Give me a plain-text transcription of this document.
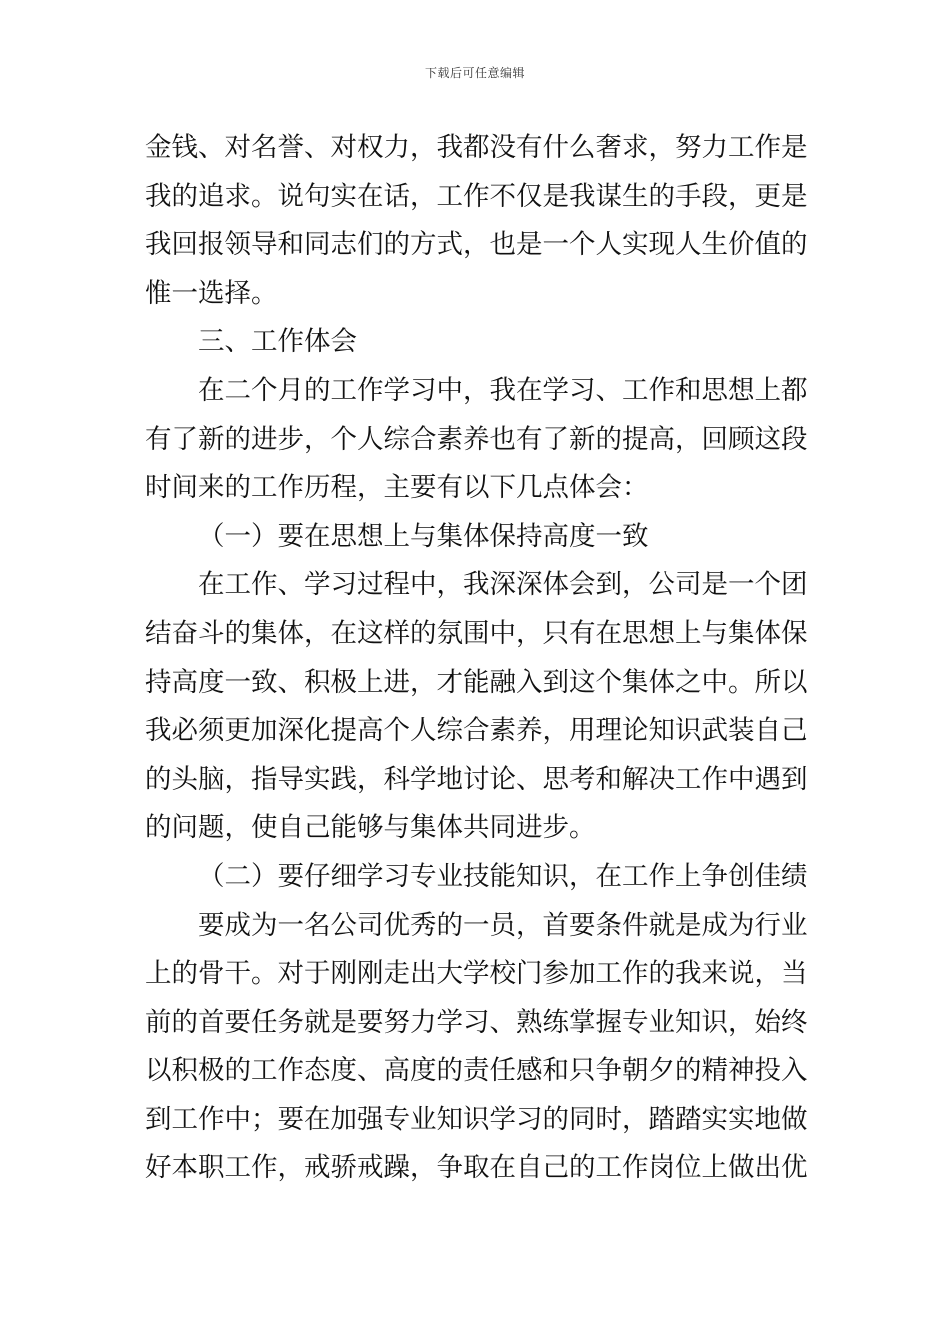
下载后可任意编辑
金钱、对名誉、对权力，我都没有什么奢求，努力工作是
我的追求。说句实在话，工作不仅是我谋生的手段，更是
我回报领导和同志们的方式，也是一个人实现人生价值的
惟一选择。
三、工作体会
在二个月的工作学习中，我在学习、工作和思想上都
有了新的进步，个人综合素养也有了新的提高，回顾这段
时间来的工作历程，主要有以下几点体会：
（一）要在思想上与集体保持高度一致
在工作、学习过程中，我深深体会到，公司是一个团
结奋斗的集体，在这样的氛围中，只有在思想上与集体保
持高度一致、积极上进，才能融入到这个集体之中。所以
我必须更加深化提高个人综合素养，用理论知识武装自己
的头脑，指导实践，科学地讨论、思考和解决工作中遇到
的问题，使自己能够与集体共同进步。
（二）要仔细学习专业技能知识，在工作上争创佳绩
要成为一名公司优秀的一员，首要条件就是成为行业
上的骨干。对于刚刚走出大学校门参加工作的我来说，当
前的首要任务就是要努力学习、熟练掌握专业知识，始终
以积极的工作态度、高度的责任感和只争朝夕的精神投入
到工作中；要在加强专业知识学习的同时，踏踏实实地做
好本职工作，戒骄戒躁，争取在自己的工作岗位上做出优
